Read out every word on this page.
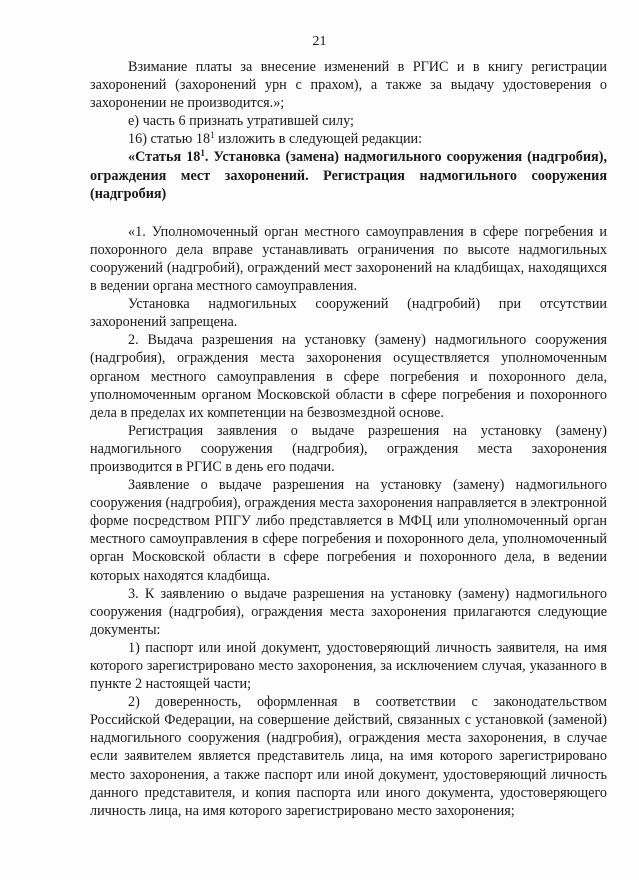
21

Взимание платы за внесение изменений в РГИС и в книгу регистрации захоронений (захоронений урн с прахом), а также за выдачу удостоверения о захоронении не производится.»;

е) часть 6 признать утратившей силу;

16) статью $18^1$ изложить в следующей редакции:

«Статья $18^1$. Установка (замена) надмогильного сооружения (надгробия), ограждения мест захоронений. Регистрация надмогильного сооружения (надгробия)

«1. Уполномоченный орган местного самоуправления в сфере погребения и похоронного дела вправе устанавливать ограничения по высоте надмогильных сооружений (надгробий), ограждений мест захоронений на кладбищах, находящихся в ведении органа местного самоуправления.

Установка надмогильных сооружений (надгробий) при отсутствии захоронений запрещена.

2. Выдача разрешения на установку (замену) надмогильного сооружения (надгробия), ограждения места захоронения осуществляется уполномоченным органом местного самоуправления в сфере погребения и похоронного дела, уполномоченным органом Московской области в сфере погребения и похоронного дела в пределах их компетенции на безвозмездной основе.

Регистрация заявления о выдаче разрешения на установку (замену) надмогильного сооружения (надгробия), ограждения места захоронения производится в РГИС в день его подачи.

Заявление о выдаче разрешения на установку (замену) надмогильного сооружения (надгробия), ограждения места захоронения направляется в электронной форме посредством РПГУ либо представляется в МФЦ или уполномоченный орган местного самоуправления в сфере погребения и похоронного дела, уполномоченный орган Московской области в сфере погребения и похоронного дела, в ведении которых находятся кладбища.

3. К заявлению о выдаче разрешения на установку (замену) надмогильного сооружения (надгробия), ограждения места захоронения прилагаются следующие документы:

1) паспорт или иной документ, удостоверяющий личность заявителя, на имя которого зарегистрировано место захоронения, за исключением случая, указанного в пункте 2 настоящей части;

2) доверенность, оформленная в соответствии с законодательством Российской Федерации, на совершение действий, связанных с установкой (заменой) надмогильного сооружения (надгробия), ограждения места захоронения, в случае если заявителем является представитель лица, на имя которого зарегистрировано место захоронения, а также паспорт или иной документ, удостоверяющий личность данного представителя, и копия паспорта или иного документа, удостоверяющего личность лица, на имя которого зарегистрировано место захоронения;
